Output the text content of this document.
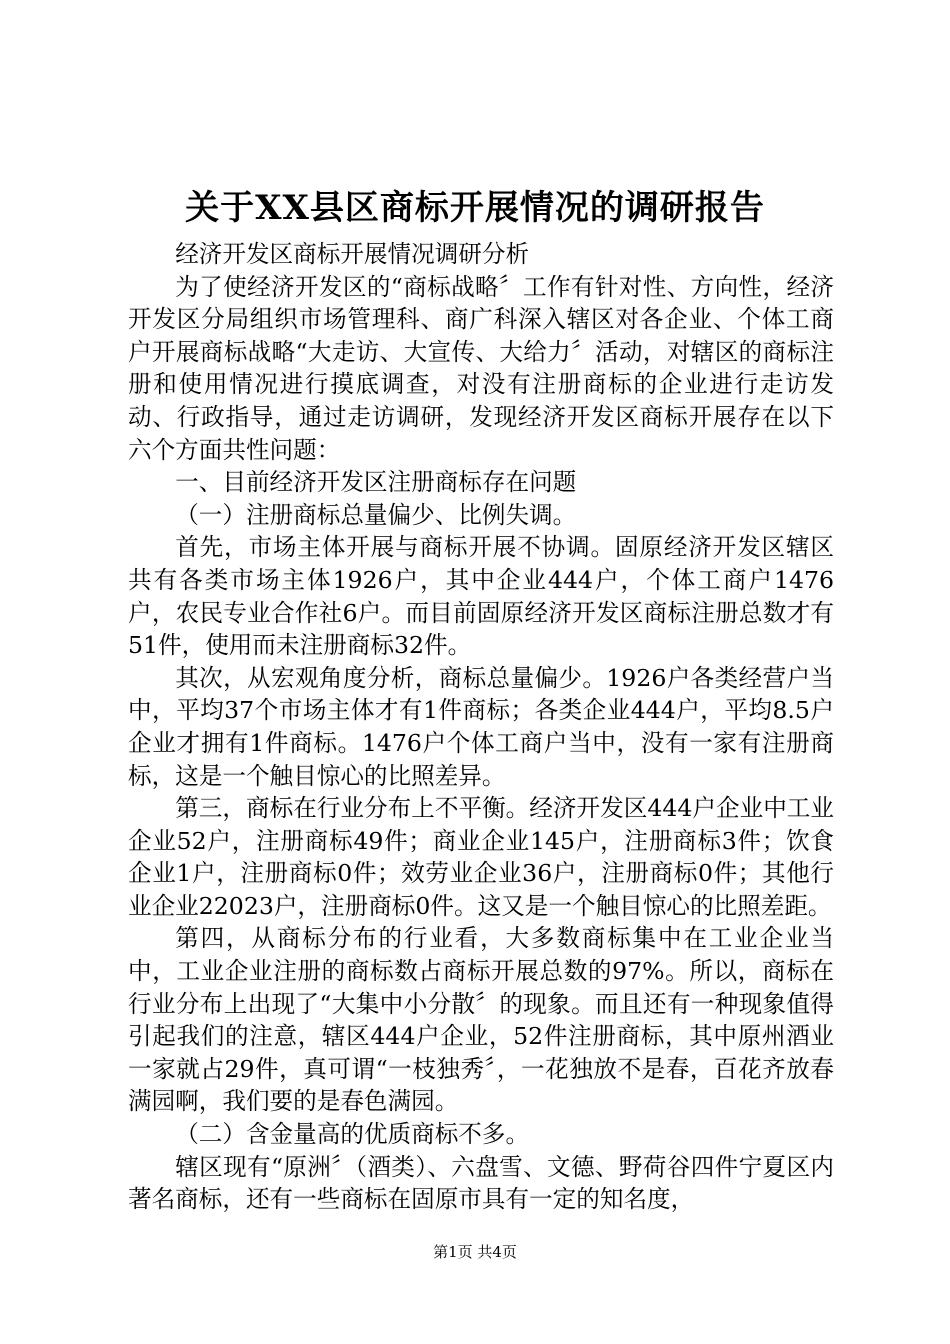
关于XX县区商标开展情况的调研报告

经济开发区商标开展情况调研分析

为了使经济开发区的“商标战略〞工作有针对性、方向性，经济开发区分局组织市场管理科、商广科深入辖区对各企业、个体工商户开展商标战略“大走访、大宣传、大给力〞活动，对辖区的商标注册和使用情况进行摸底调查，对没有注册商标的企业进行走访发动、行政指导，通过走访调研，发现经济开发区商标开展存在以下六个方面共性问题：

一、目前经济开发区注册商标存在问题

（一）注册商标总量偏少、比例失调。

首先，市场主体开展与商标开展不协调。固原经济开发区辖区共有各类市场主体1926户，其中企业444户，个体工商户1476户，农民专业合作社6户。而目前固原经济开发区商标注册总数才有51件，使用而未注册商标32件。

其次，从宏观角度分析，商标总量偏少。1926户各类经营户当中，平均37个市场主体才有1件商标；各类企业444户，平均8.5户企业才拥有1件商标。1476户个体工商户当中，没有一家有注册商标，这是一个触目惊心的比照差异。

第三，商标在行业分布上不平衡。经济开发区444户企业中工业企业52户，注册商标49件；商业企业145户，注册商标3件；饮食企业1户，注册商标0件；效劳业企业36户，注册商标0件；其他行业企业22023户，注册商标0件。这又是一个触目惊心的比照差距。

第四，从商标分布的行业看，大多数商标集中在工业企业当中，工业企业注册的商标数占商标开展总数的97%。所以，商标在行业分布上出现了“大集中小分散〞的现象。而且还有一种现象值得引起我们的注意，辖区444户企业，52件注册商标，其中原州酒业一家就占29件，真可谓“一枝独秀〞，一花独放不是春，百花齐放春满园啊，我们要的是春色满园。

（二）含金量高的优质商标不多。

辖区现有“原洲〞（酒类）、六盘雪、文德、野荷谷四件宁夏区内著名商标，还有一些商标在固原市具有一定的知名度，

第1页 共4页
